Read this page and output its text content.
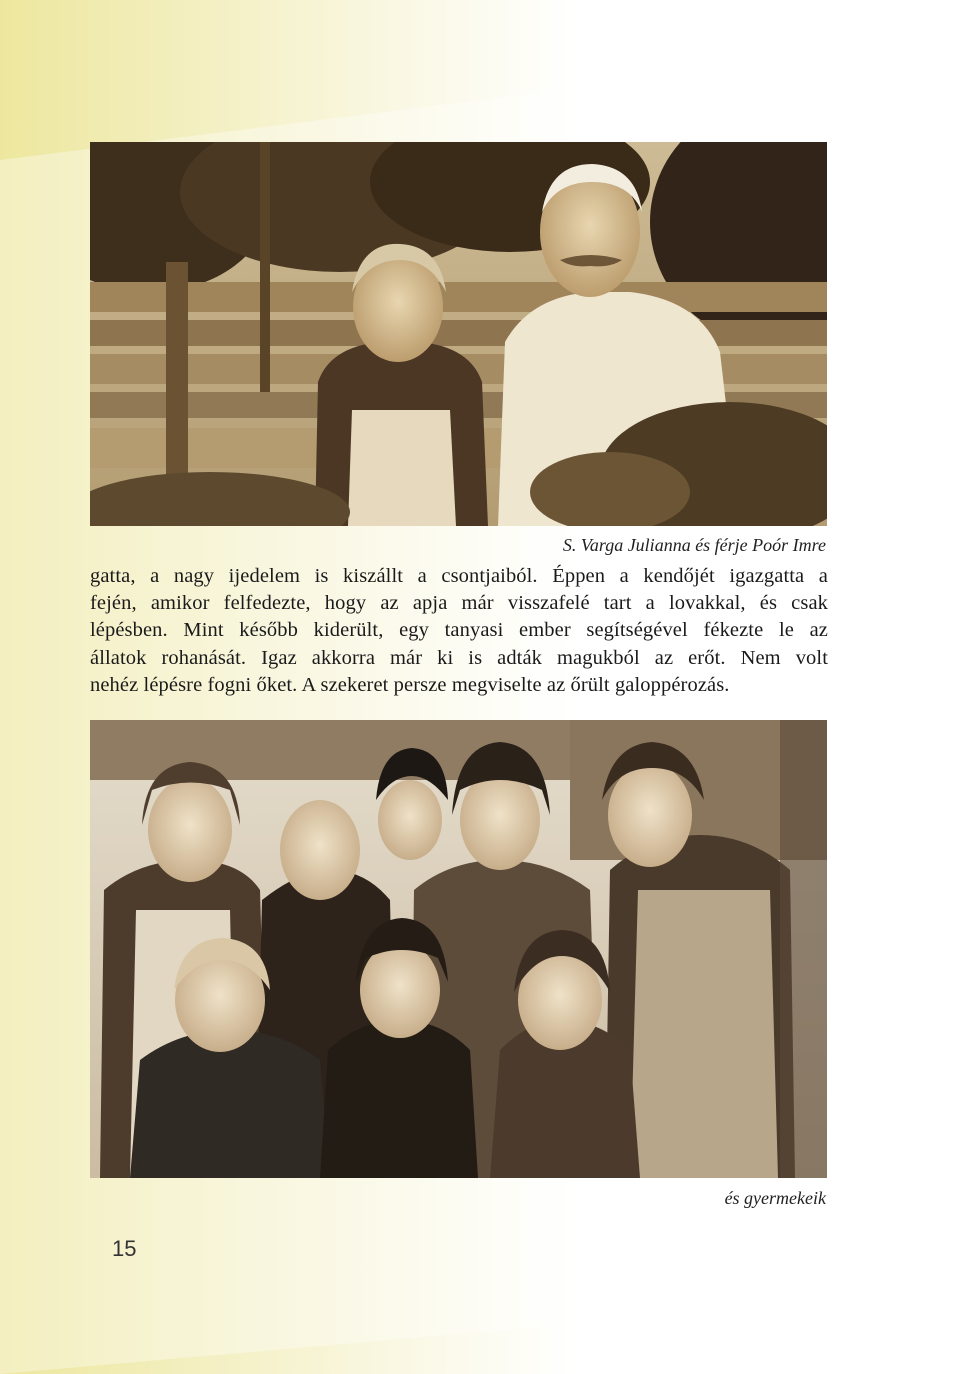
S. Varga Julianna és férje Poór Imre
gatta, a nagy ijedelem is kiszállt a csontjaiból. Éppen a kendőjét igazgatta a
fején, amikor felfedezte, hogy az apja már visszafelé tart a lovakkal, és csak
lépésben. Mint később kiderült, egy tanyasi ember segítségével fékezte le az
állatok rohanását. Igaz akkorra már ki is adták magukból az erőt. Nem volt
nehéz lépésre fogni őket. A szekeret persze megviselte az őrült galoppérozás.
és gyermekeik
15
